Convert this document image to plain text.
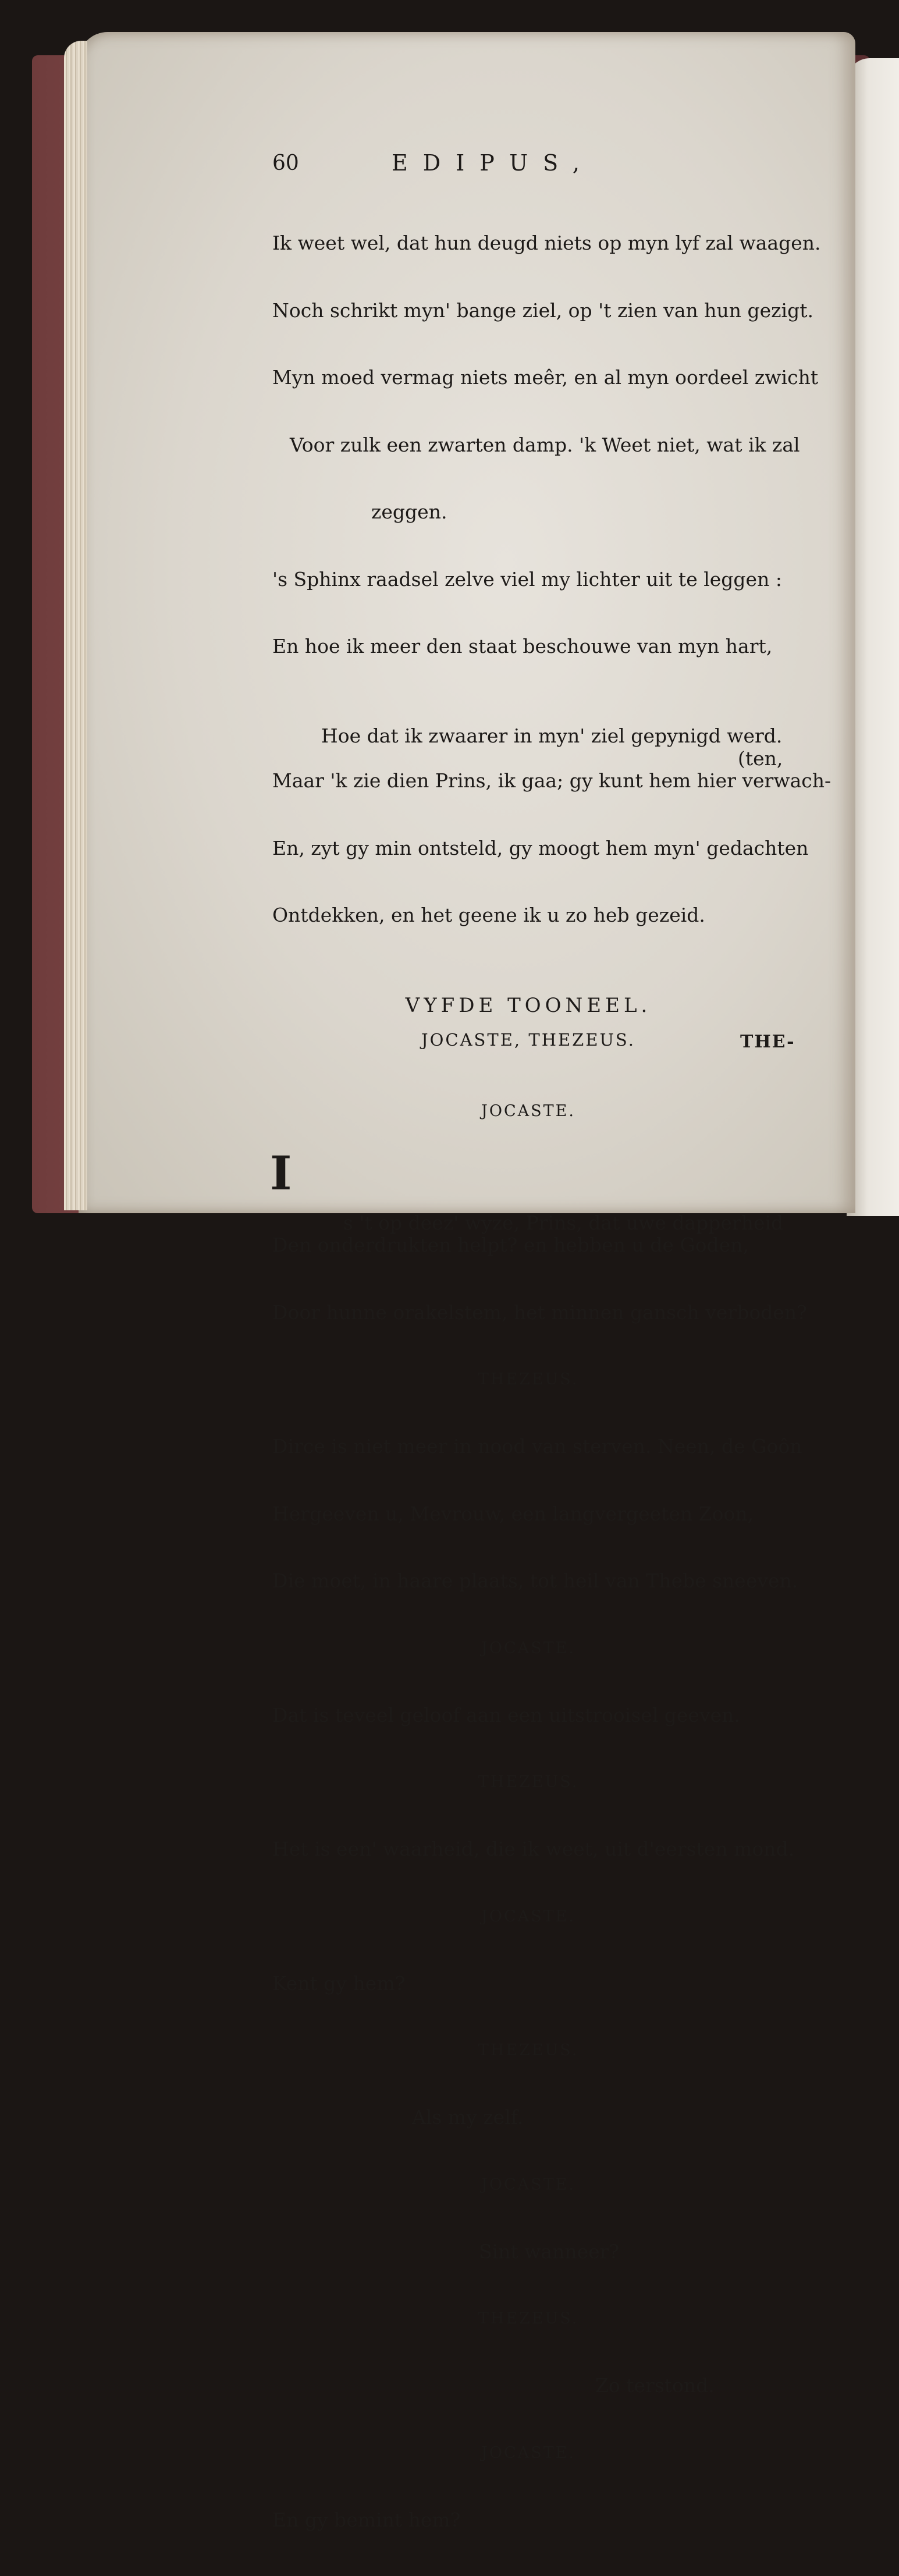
60	EDIPUS,

Ik weet wel, dat hun deugd niets op myn lyf zal waagen.

Noch schrikt myn' bange ziel, op 't zien van hun gezigt.

Myn moed vermag niets meêr, en al myn oordeel zwicht

Voor zulk een zwarten damp. 'k Weet niet, wat ik zal

zeggen.

's Sphinx raadsel zelve viel my lichter uit te leggen :

En hoe ik meer den staat beschouwe van myn hart,

Hoe dat ik zwaarer in myn' ziel gepynigd werd.

(ten,

Maar 'k zie dien Prins, ik gaa; gy kunt hem hier verwach-

En, zyt gy min ontsteld, gy moogt hem myn' gedachten

Ontdekken, en het geene ik u zo heb gezeid.

VYFDE TOONEEL.
JOCASTE, THEZEUS.

JOCASTE.

I

s 't op deez' wyze, Prins, dat uwe dapperheid

Den onderdrukten helpt? en hebben u de Goden,

Door hunne orakelstem, het minnen gansch verboden?

THEZEUS.

Dirce is niet meer in nood van sterven. Neen, de Goôn

Hergeeven u, Mevrouw, een langvergeeten Zoon,

Die moet, in haare plaats, tot heil van Thebe sneeven.

JOCASTE.

Dat is teveel geloof aan een uitstrooisel geeven.

THEZEUS.

Het is een' waarheid, die ik weet, uit d'eersten mond.

JOCASTE.

Kent gy hem?

THEZEUS.

Als my zelf.

JOCASTE.

Sint wanneer?

THEZEUS.

Zo terstond.

JOCASTE.

En gy bemint hem?

THE-
